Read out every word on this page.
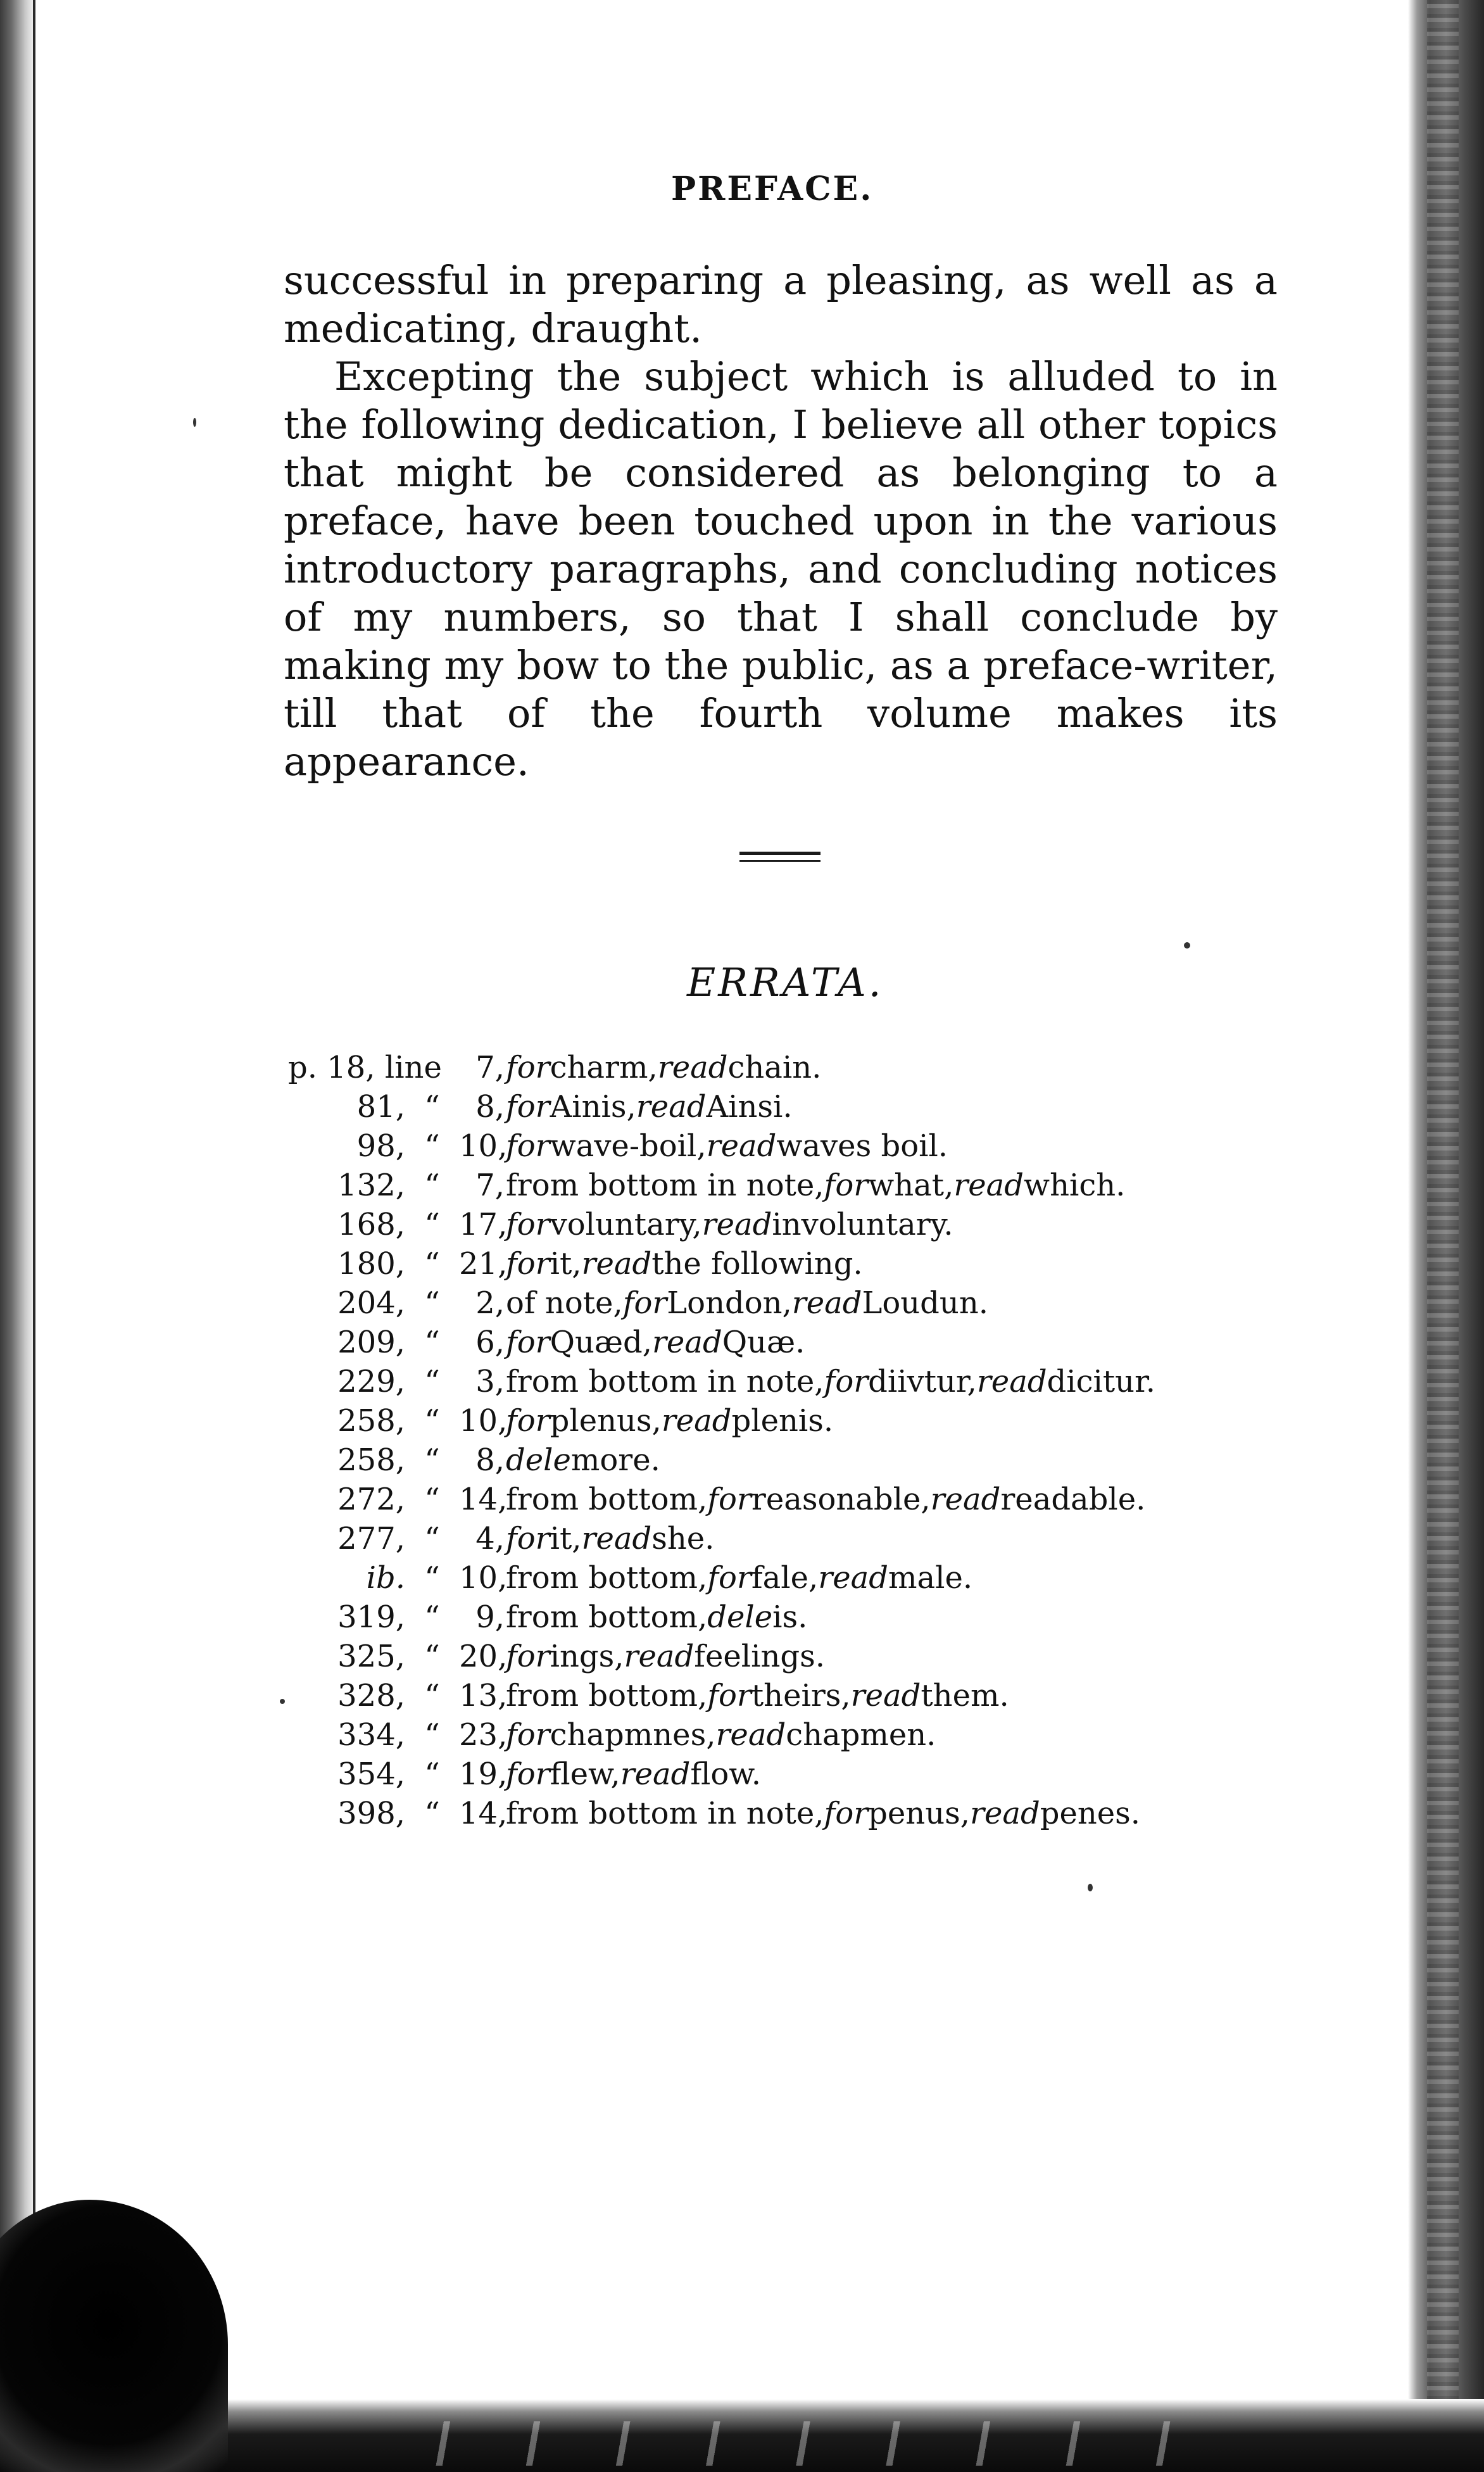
PREFACE.

successful in preparing a pleasing, as well as a medicating, draught.

Excepting the subject which is alluded to in the following dedication, I believe all other topics that might be considered as belonging to a preface, have been touched upon in the various introductory paragraphs, and concluding notices of my numbers, so that I shall conclude by making my bow to the public, as a preface-writer, till that of the fourth volume makes its appearance.

ERRATA.
p. 18, line 7,forcharm,readchain.
81, “ 8,forAinis,readAinsi.
98, “ 10,forwave-boil,readwaves boil.
132, “ 7,from bottom in note,forwhat,readwhich.
168, “ 17,forvoluntary,readinvoluntary.
180, “ 21,forit,readthe following.
204, “ 2,of note,forLondon,readLoudun.
209, “ 6,forQuæd,readQuæ.
229, “ 3,from bottom in note,fordiivtur,readdicitur.
258, “ 10,forplenus,readplenis.
258, “ 8,delemore.
272, “ 14,from bottom,forreasonable,readreadable.
277, “ 4,forit,readshe.
ib. “ 10,from bottom,forfale,readmale.
319, “ 9,from bottom,deleis.
325, “ 20,forings,readfeelings.
328, “ 13,from bottom,fortheirs,readthem.
334, “ 23,forchapmnes,readchapmen.
354, “ 19,forflew,readflow.
398, “ 14,from bottom in note,forpenus,readpenes.
